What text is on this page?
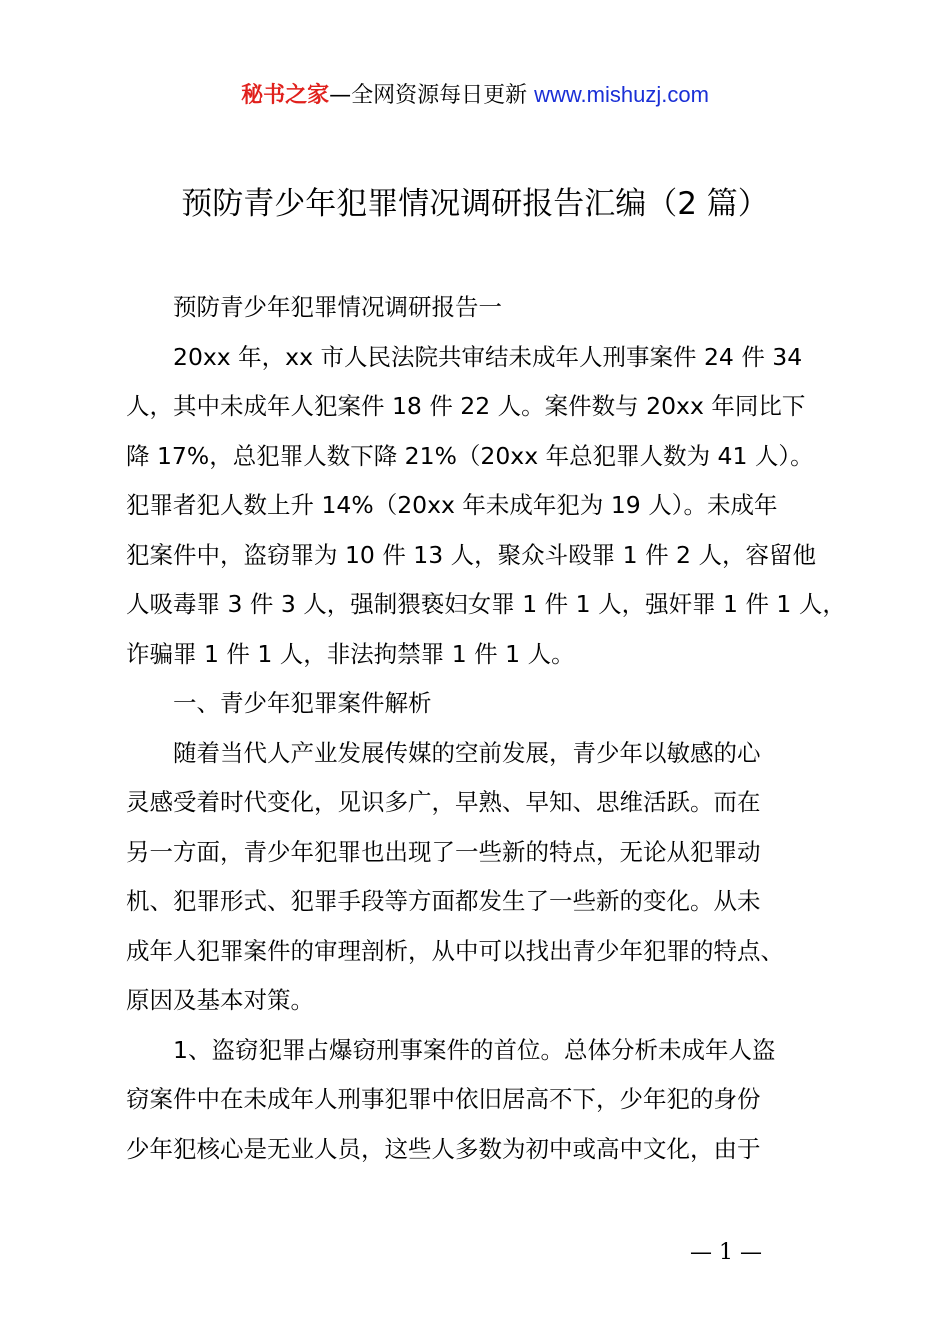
秘书之家—全网资源每日更新 www.mishuzj.com
预防青少年犯罪情况调研报告汇编（2 篇）

预防青少年犯罪情况调研报告一

20xx 年，xx 市人民法院共审结未成年人刑事案件 24 件 34

人，其中未成年人犯案件 18 件 22 人。案件数与 20xx 年同比下

降 17%，总犯罪人数下降 21%（20xx 年总犯罪人数为 41 人）。

犯罪者犯人数上升 14%（20xx 年未成年犯为 19 人）。未成年

犯案件中，盗窃罪为 10 件 13 人，聚众斗殴罪 1 件 2 人，容留他

人吸毒罪 3 件 3 人，强制猥亵妇女罪 1 件 1 人，强奸罪 1 件 1 人，

诈骗罪 1 件 1 人，非法拘禁罪 1 件 1 人。

一、青少年犯罪案件解析

随着当代人产业发展传媒的空前发展，青少年以敏感的心

灵感受着时代变化，见识多广，早熟、早知、思维活跃。而在

另一方面，青少年犯罪也出现了一些新的特点，无论从犯罪动

机、犯罪形式、犯罪手段等方面都发生了一些新的变化。从未

成年人犯罪案件的审理剖析，从中可以找出青少年犯罪的特点、

原因及基本对策。

1、盗窃犯罪占爆窃刑事案件的首位。总体分析未成年人盗

窃案件中在未成年人刑事犯罪中依旧居高不下，少年犯的身份

少年犯核心是无业人员，这些人多数为初中或高中文化，由于

— 1 —
